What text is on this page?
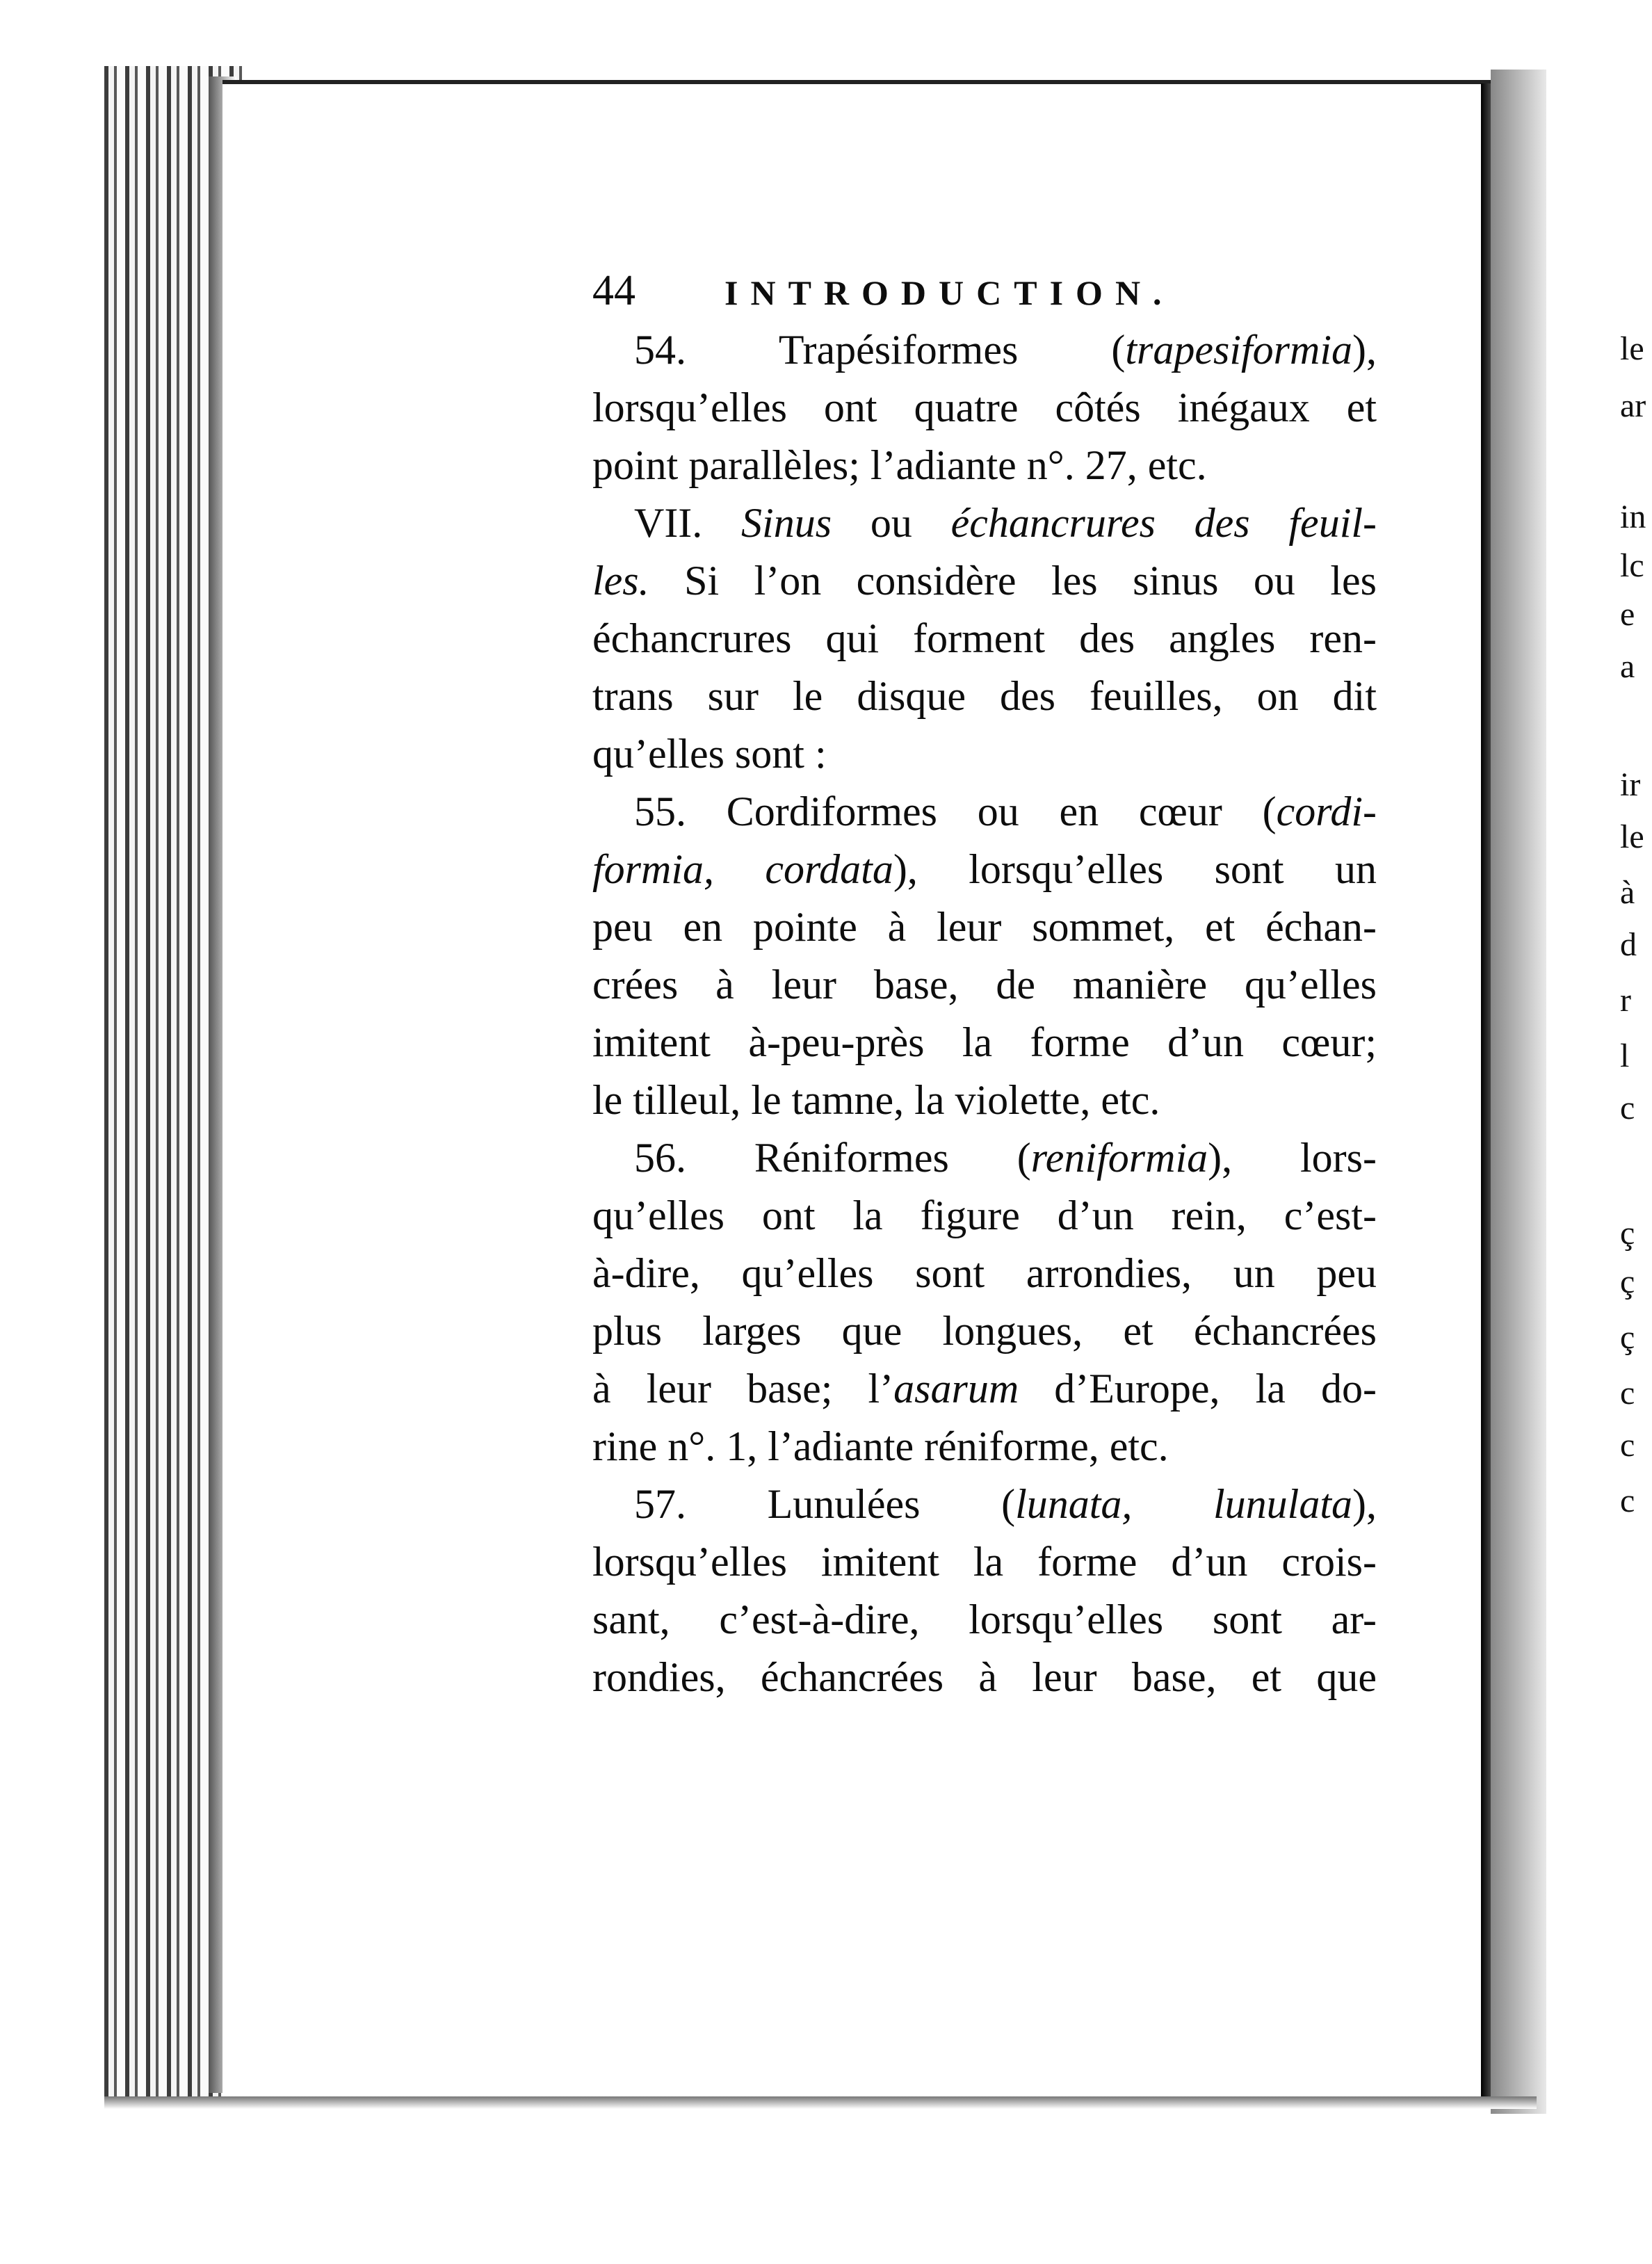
le
ar
in
lc
e
a
ir
le
à
d
r
l
c
ç
ç
ç
c
c
c
44	INTRODUCTION.
54. Trapésiformes (trapesiformia),
lorsqu’elles ont quatre côtés inégaux et
point parallèles; l’adiante n°. 27, etc.
VII. Sinus ou échancrures des feuil-
les. Si l’on considère les sinus ou les
échancrures qui forment des angles ren-
trans sur le disque des feuilles, on dit
qu’elles sont :
55. Cordiformes ou en cœur (cordi-
formia, cordata), lorsqu’elles sont un
peu en pointe à leur sommet, et échan-
crées à leur base, de manière qu’elles
imitent à-peu-près la forme d’un cœur;
le tilleul, le tamne, la violette, etc.
56. Réniformes (reniformia), lors-
qu’elles ont la figure d’un rein, c’est-
à-dire, qu’elles sont arrondies, un peu
plus larges que longues, et échancrées
à leur base; l’asarum d’Europe, la do-
rine n°. 1, l’adiante réniforme, etc.
57. Lunulées (lunata, lunulata),
lorsqu’elles imitent la forme d’un crois-
sant, c’est-à-dire, lorsqu’elles sont ar-
rondies, échancrées à leur base, et que
